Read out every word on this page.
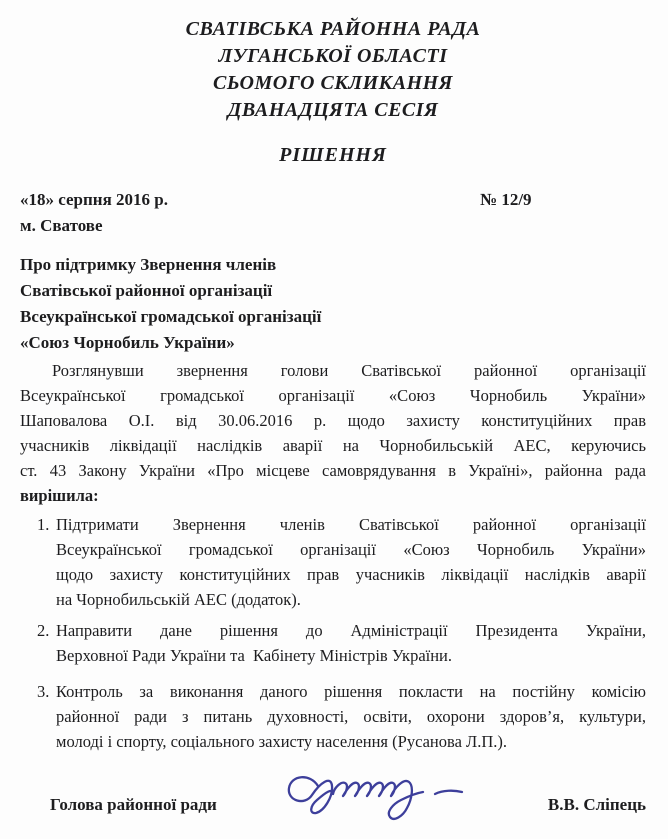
СВАТІВСЬКА РАЙОННА РАДА
ЛУГАНСЬКОЇ ОБЛАСТІ
СЬОМОГО СКЛИКАННЯ
ДВАНАДЦЯТА СЕСІЯ
РІШЕННЯ
«18» серпня 2016 р.
м. Сватове
№ 12/9
Про підтримку Звернення членів
Сватівської районної організації
Всеукраїнської громадської організації
«Союз Чорнобиль України»
Розглянувши звернення голови Сватівської районної організації
Всеукраїнської громадської організації «Союз Чорнобиль України»
Шаповалова О.І. від 30.06.2016 р. щодо захисту конституційних прав
учасників ліквідації наслідків аварії на Чорнобильській АЕС, керуючись
ст. 43 Закону України «Про місцеве самоврядування в Україні», районна рада
вирішила:
1. Підтримати Звернення членів Сватівської районної організації
Всеукраїнської громадської організації «Союз Чорнобиль України»
щодо захисту конституційних прав учасників ліквідації наслідків аварії
на Чорнобильській АЕС (додаток).
2. Направити дане рішення до Адміністрації Президента України,
Верховної Ради України та  Кабінету Міністрів України.
3. Контроль за виконання даного рішення покласти на постійну комісію
районної ради з питань духовності, освіти, охорони здоров’я, культури,
молоді і спорту, соціального захисту населення (Русанова Л.П.).
Голова районної ради	В.В. Сліпець
